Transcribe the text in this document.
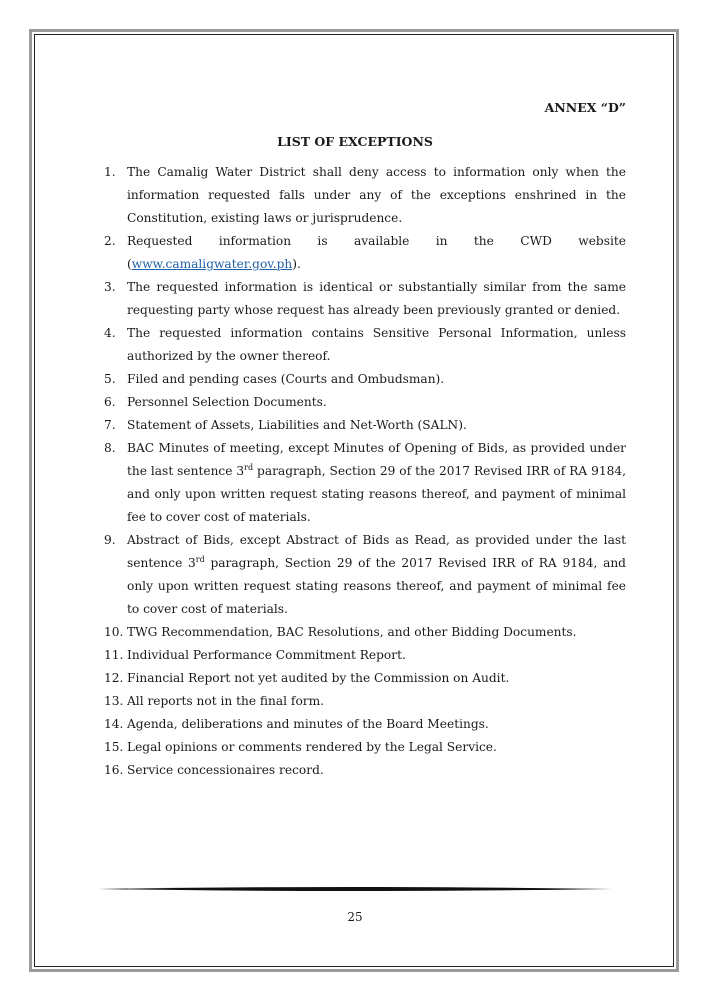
ANNEX “D”
LIST OF EXCEPTIONS
1. The Camalig Water District shall deny access to information only when the information requested falls under any of the exceptions enshrined in the Constitution, existing laws or jurisprudence.
2. Requested information is available in the CWD website (www.camaligwater.gov.ph).
3. The requested information is identical or substantially similar from the same requesting party whose request has already been previously granted or denied.
4. The requested information contains Sensitive Personal Information, unless authorized by the owner thereof.
5. Filed and pending cases (Courts and Ombudsman).
6. Personnel Selection Documents.
7. Statement of Assets, Liabilities and Net-Worth (SALN).
8. BAC Minutes of meeting, except Minutes of Opening of Bids, as provided under the last sentence 3rd paragraph, Section 29 of the 2017 Revised IRR of RA 9184, and only upon written request stating reasons thereof, and payment of minimal fee to cover cost of materials.
9. Abstract of Bids, except Abstract of Bids as Read, as provided under the last sentence 3rd paragraph, Section 29 of the 2017 Revised IRR of RA 9184, and only upon written request stating reasons thereof, and payment of minimal fee to cover cost of materials.
10. TWG Recommendation, BAC Resolutions, and other Bidding Documents.
11. Individual Performance Commitment Report.
12. Financial Report not yet audited by the Commission on Audit.
13. All reports not in the final form.
14. Agenda, deliberations and minutes of the Board Meetings.
15. Legal opinions or comments rendered by the Legal Service.
16. Service concessionaires record.
25
